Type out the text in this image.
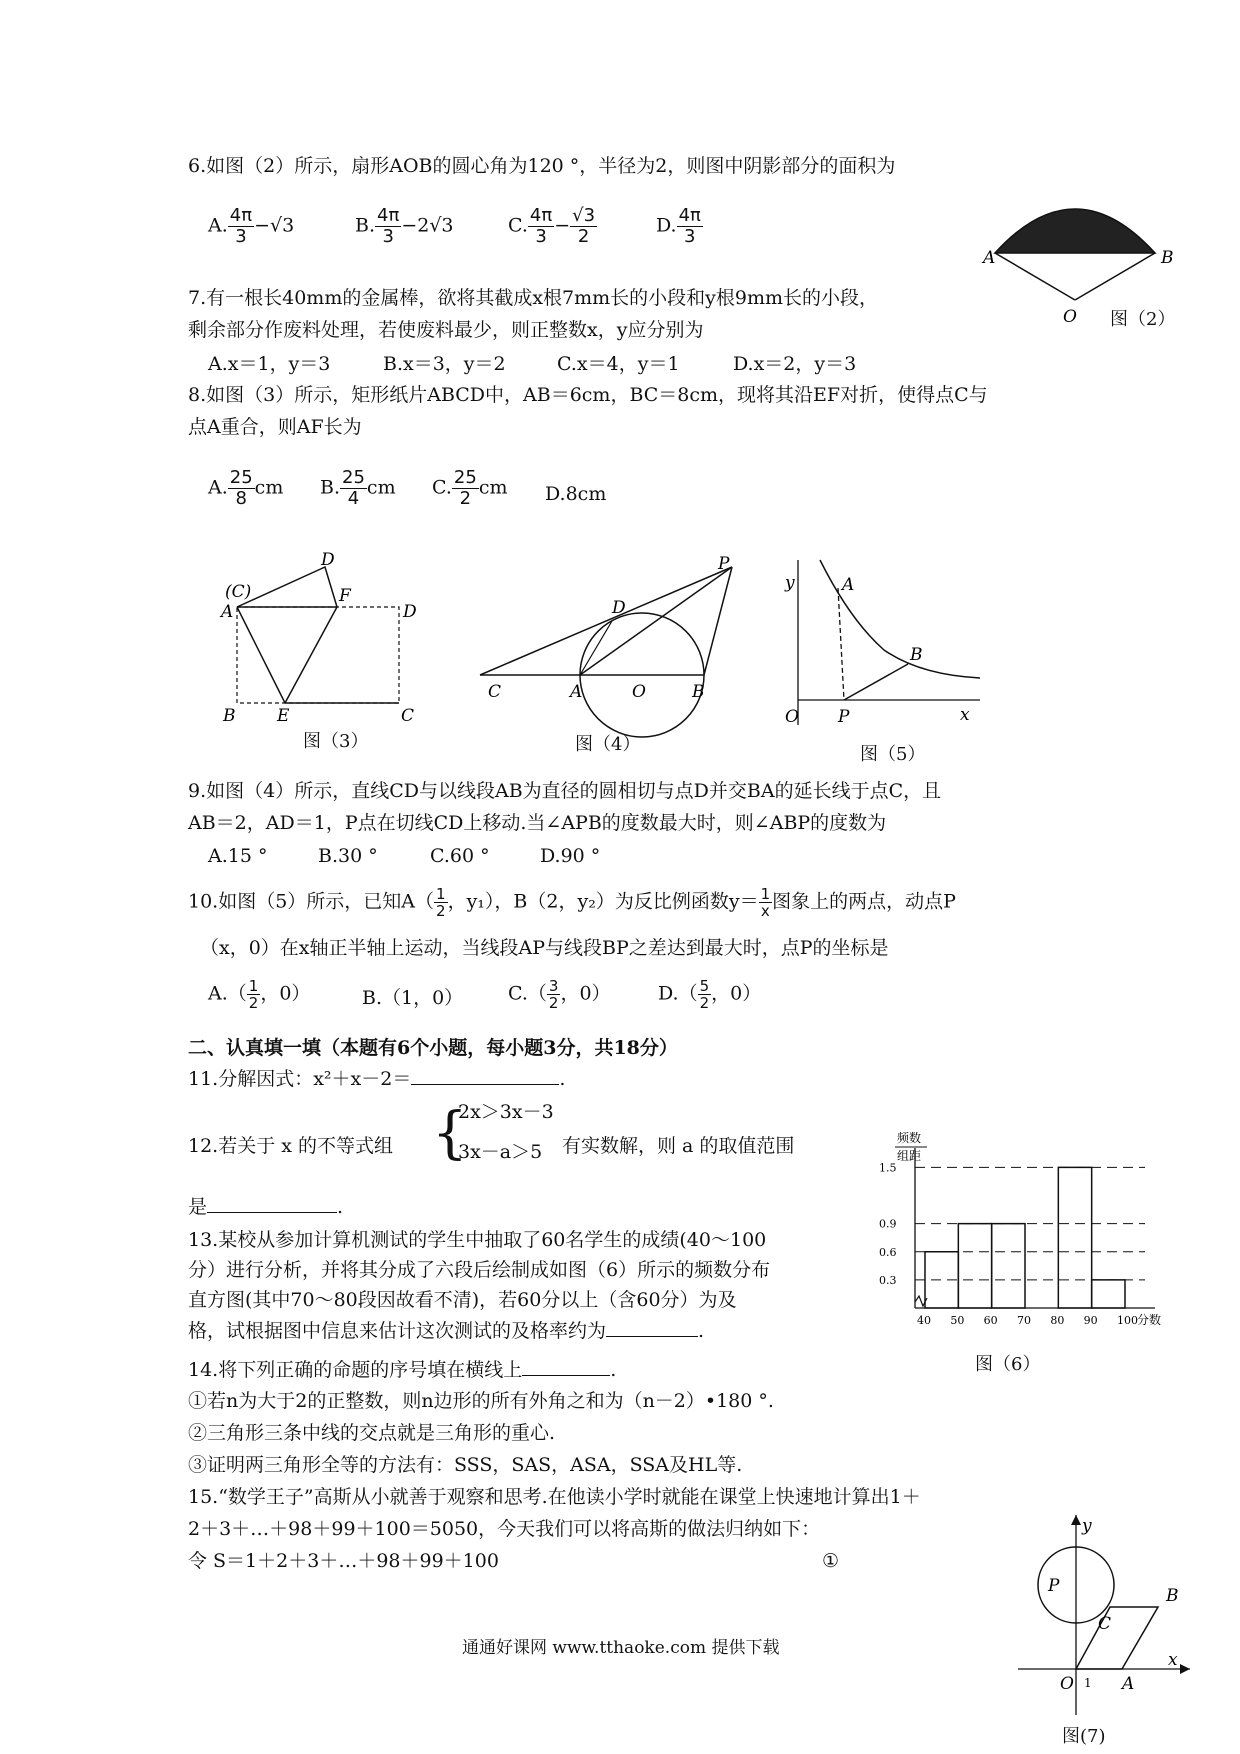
6.如图（2）所示，扇形AOB的圆心角为120 °，半径为2，则图中阴影部分的面积为
A. $\frac{4\pi}{3} -√3$	B. $\frac{4\pi}{3} -2√3$	C. $\frac{4\pi}{3} - \frac{√3}{2}$	D. $\frac{4\pi}{3}$
A	B
O 图（2）
7.有一根长40mm的金属棒，欲将其截成x根7mm长的小段和y根9mm长的小段，
剩余部分作废料处理，若使废料最少，则正整数x，y应分别为
A.x＝1，y＝3	B.x＝3，y＝2	C.x＝4，y＝1	D.x＝2，y＝3
8.如图（3）所示，矩形纸片ABCD中，AB＝6cm，BC＝8cm，现将其沿EF对折，使得点C与
点A重合，则AF长为
A. $\frac{25}{8}$ cm B. $\frac{25}{4}$ cm C. $\frac{25}{2}$ cm D.8cm
(C)
A
D
F
D
B E	C
图（3）
P
D
C	A	O	B
图（4）
y	A
B
O P	x
图（5）
9.如图（4）所示，直线CD与以线段AB为直径的圆相切与点D并交BA的延长线于点C，且
AB＝2，AD＝1，P点在切线CD上移动.当∠APB的度数最大时，则∠ABP的度数为
A.15 °	B.30 °	C.60 °	D.90 °
10.如图（5）所示，已知$A( \frac{1}{2}$ ，y₁），B（2，y₂）为反比例函数$y= \frac{1}{x}$ 图象上的两点，动点P
（x，0）在x轴正半轴上运动，当线段AP与线段BP之差达到最大时，点P的坐标是
$A.( \frac{1}{2}$ ，0）	B.（1，0） $C.( \frac{3}{2}$ ，0） $D.( \frac{5}{2}$ ，0）
二、认真填一填（本题有6个小题，每小题3分，共18分）
11.分解因式：x²＋x－2＝	.
12.若关于 x 的不等式组 {
2x＞3x－3
3x－a＞5 有实数解，则 a 的取值范围
是	.
13.某校从参加计算机测试的学生中抽取了60名学生的成绩(40～100
分）进行分析，并将其分成了六段后绘制成如图（6）所示的频数分布
直方图(其中70～80段因故看不清)，若60分以上（含60分）为及
格，试根据图中信息来估计这次测试的及格率约为	.
频数
组距
分数
1.5
0.9
0.6
0.3
40 50 60 70 80 90 100
图（6）
14.将下列正确的命题的序号填在横线上	.
①若n为大于2的正整数，则n边形的所有外角之和为（n－2）•180 °.
②三角形三条中线的交点就是三角形的重心.
③证明两三角形全等的方法有：SSS，SAS，ASA，SSA及HL等.
15.“数学王子”高斯从小就善于观察和思考.在他读小学时就能在课堂上快速地计算出1＋
2＋3＋…＋98＋99＋100＝5050，今天我们可以将高斯的做法归纳如下：
令 S＝1＋2＋3＋…＋98＋99＋100	①
y
P	B
C
x
O 1 A
图(7)
通通好课网 www.tthaoke.com 提供下载
